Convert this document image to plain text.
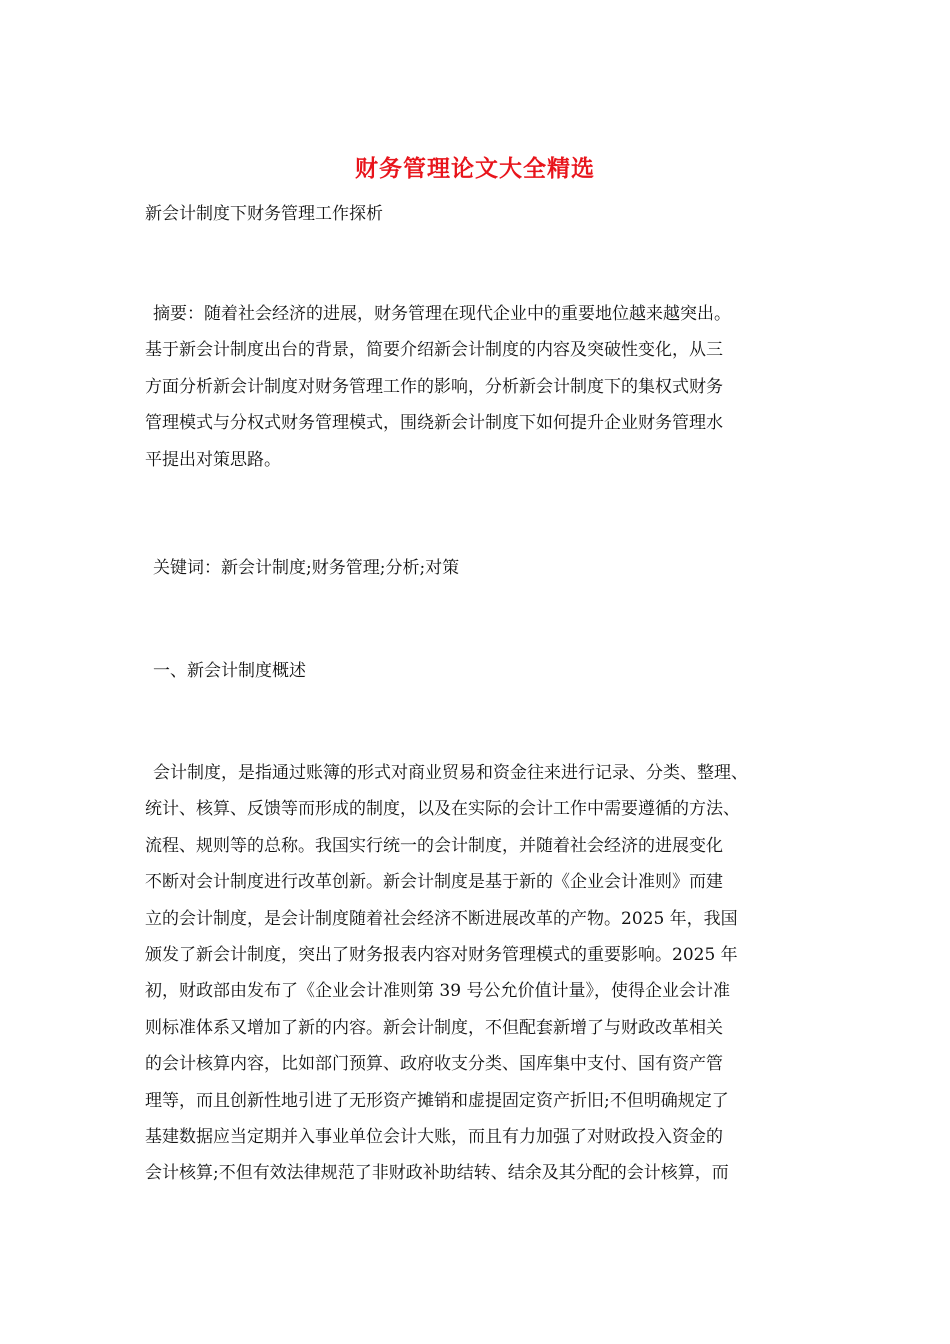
财务管理论文大全精选
新会计制度下财务管理工作探析
摘要：随着社会经济的进展，财务管理在现代企业中的重要地位越来越突出。
基于新会计制度出台的背景，简要介绍新会计制度的内容及突破性变化，从三
方面分析新会计制度对财务管理工作的影响，分析新会计制度下的集权式财务
管理模式与分权式财务管理模式，围绕新会计制度下如何提升企业财务管理水
平提出对策思路。
关键词：新会计制度;财务管理;分析;对策
一、新会计制度概述
会计制度，是指通过账簿的形式对商业贸易和资金往来进行记录、分类、整理、
统计、核算、反馈等而形成的制度，以及在实际的会计工作中需要遵循的方法、
流程、规则等的总称。我国实行统一的会计制度，并随着社会经济的进展变化
不断对会计制度进行改革创新。新会计制度是基于新的《企业会计准则》而建
立的会计制度，是会计制度随着社会经济不断进展改革的产物。2025 年，我国
颁发了新会计制度，突出了财务报表内容对财务管理模式的重要影响。2025 年
初，财政部由发布了《企业会计准则第 39 号公允价值计量》，使得企业会计准
则标准体系又增加了新的内容。新会计制度，不但配套新增了与财政改革相关
的会计核算内容，比如部门预算、政府收支分类、国库集中支付、国有资产管
理等，而且创新性地引进了无形资产摊销和虚提固定资产折旧;不但明确规定了
基建数据应当定期并入事业单位会计大账，而且有力加强了对财政投入资金的
会计核算;不但有效法律规范了非财政补助结转、结余及其分配的会计核算，而
